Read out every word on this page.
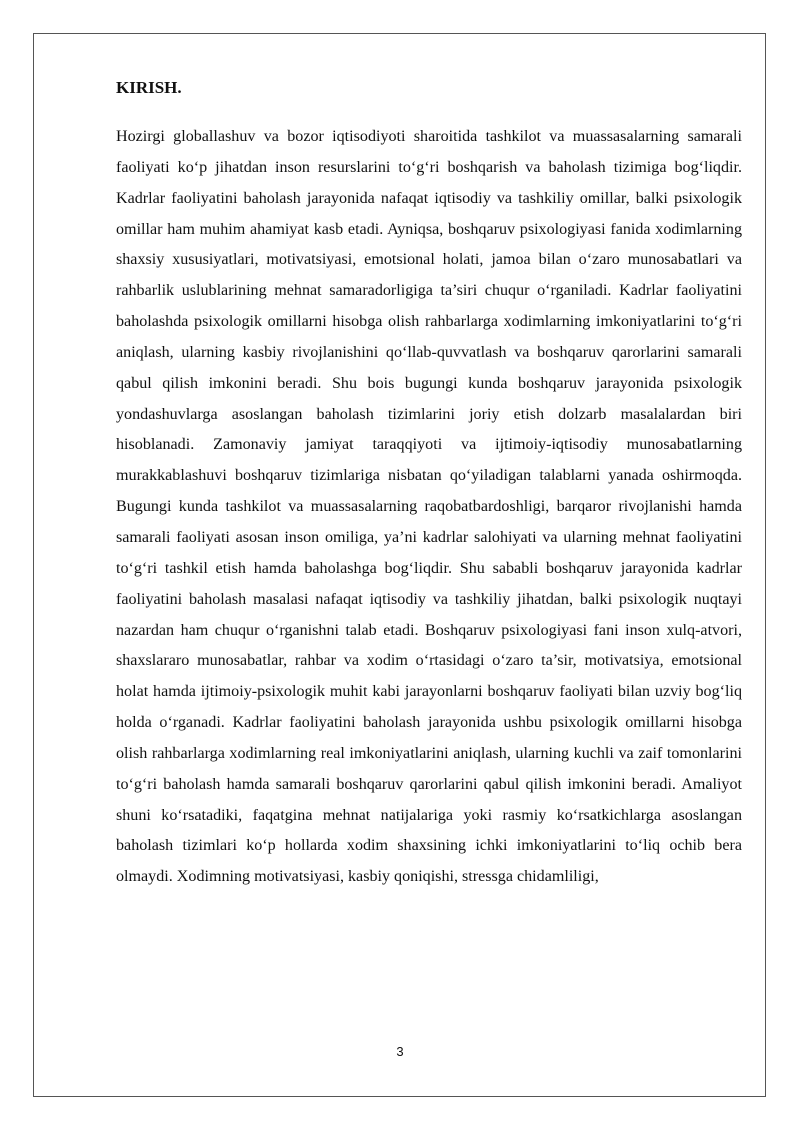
KIRISH.

Hozirgi globallashuv va bozor iqtisodiyoti sharoitida tashkilot va muassasalarning samarali faoliyati ko‘p jihatdan inson resurslarini to‘g‘ri boshqarish va baholash tizimiga bog‘liqdir. Kadrlar faoliyatini baholash jarayonida nafaqat iqtisodiy va tashkiliy omillar, balki psixologik omillar ham muhim ahamiyat kasb etadi. Ayniqsa, boshqaruv psixologiyasi fanida xodimlarning shaxsiy xususiyatlari, motivatsiyasi, emotsional holati, jamoa bilan o‘zaro munosabatlari va rahbarlik uslublarining mehnat samaradorligiga ta’siri chuqur o‘rganiladi. Kadrlar faoliyatini baholashda psixologik omillarni hisobga olish rahbarlarga xodimlarning imkoniyatlarini to‘g‘ri aniqlash, ularning kasbiy rivojlanishini qo‘llab-quvvatlash va boshqaruv qarorlarini samarali qabul qilish imkonini beradi. Shu bois bugungi kunda boshqaruv jarayonida psixologik yondashuvlarga asoslangan baholash tizimlarini joriy etish dolzarb masalalardan biri hisoblanadi. Zamonaviy jamiyat taraqqiyoti va ijtimoiy-iqtisodiy munosabatlarning murakkablashuvi boshqaruv tizimlariga nisbatan qo‘yiladigan talablarni yanada oshirmoqda. Bugungi kunda tashkilot va muassasalarning raqobatbardoshligi, barqaror rivojlanishi hamda samarali faoliyati asosan inson omiliga, ya’ni kadrlar salohiyati va ularning mehnat faoliyatini to‘g‘ri tashkil etish hamda baholashga bog‘liqdir. Shu sababli boshqaruv jarayonida kadrlar faoliyatini baholash masalasi nafaqat iqtisodiy va tashkiliy jihatdan, balki psixologik nuqtayi nazardan ham chuqur o‘rganishni talab etadi. Boshqaruv psixologiyasi fani inson xulq-atvori, shaxslararo munosabatlar, rahbar va xodim o‘rtasidagi o‘zaro ta’sir, motivatsiya, emotsional holat hamda ijtimoiy-psixologik muhit kabi jarayonlarni boshqaruv faoliyati bilan uzviy bog‘liq holda o‘rganadi. Kadrlar faoliyatini baholash jarayonida ushbu psixologik omillarni hisobga olish rahbarlarga xodimlarning real imkoniyatlarini aniqlash, ularning kuchli va zaif tomonlarini to‘g‘ri baholash hamda samarali boshqaruv qarorlarini qabul qilish imkonini beradi. Amaliyot shuni ko‘rsatadiki, faqatgina mehnat natijalariga yoki rasmiy ko‘rsatkichlarga asoslangan baholash tizimlari ko‘p hollarda xodim shaxsining ichki imkoniyatlarini to‘liq ochib bera olmaydi. Xodimning motivatsiyasi, kasbiy qoniqishi, stressga chidamliligi,

3
